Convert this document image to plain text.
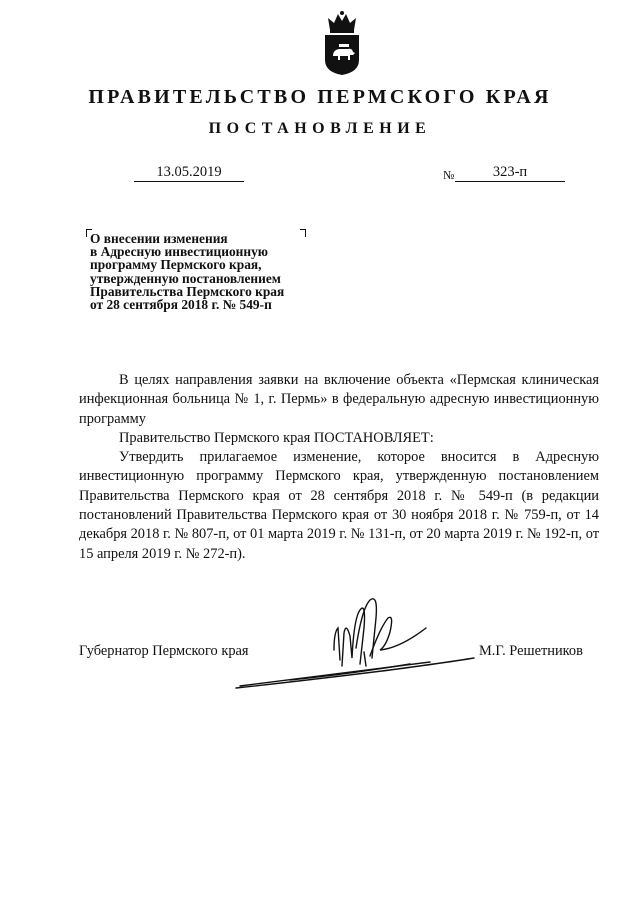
ПРАВИТЕЛЬСТВО ПЕРМСКОГО КРАЯ
ПОСТАНОВЛЕНИЕ
13.05.2019	№	323-п
О внесении изменения
в Адресную инвестиционную
программу Пермского края,
утвержденную постановлением
Правительства Пермского края
от 28 сентября 2018 г. № 549-п

В целях направления заявки на включение объекта «Пермская клиническая инфекционная больница № 1, г. Пермь» в федеральную адресную инвестиционную программу

Правительство Пермского края ПОСТАНОВЛЯЕТ:

Утвердить прилагаемое изменение, которое вносится в Адресную инвестиционную программу Пермского края, утвержденную постановлением Правительства Пермского края от 28 сентября 2018 г. № 549-п (в редакции постановлений Правительства Пермского края от 30 ноября 2018 г. № 759-п, от 14 декабря 2018 г. № 807-п, от 01 марта 2019 г. № 131-п, от 20 марта 2019 г. № 192-п, от 15 апреля 2019 г. № 272-п).

Губернатор Пермского края	М.Г. Решетников
